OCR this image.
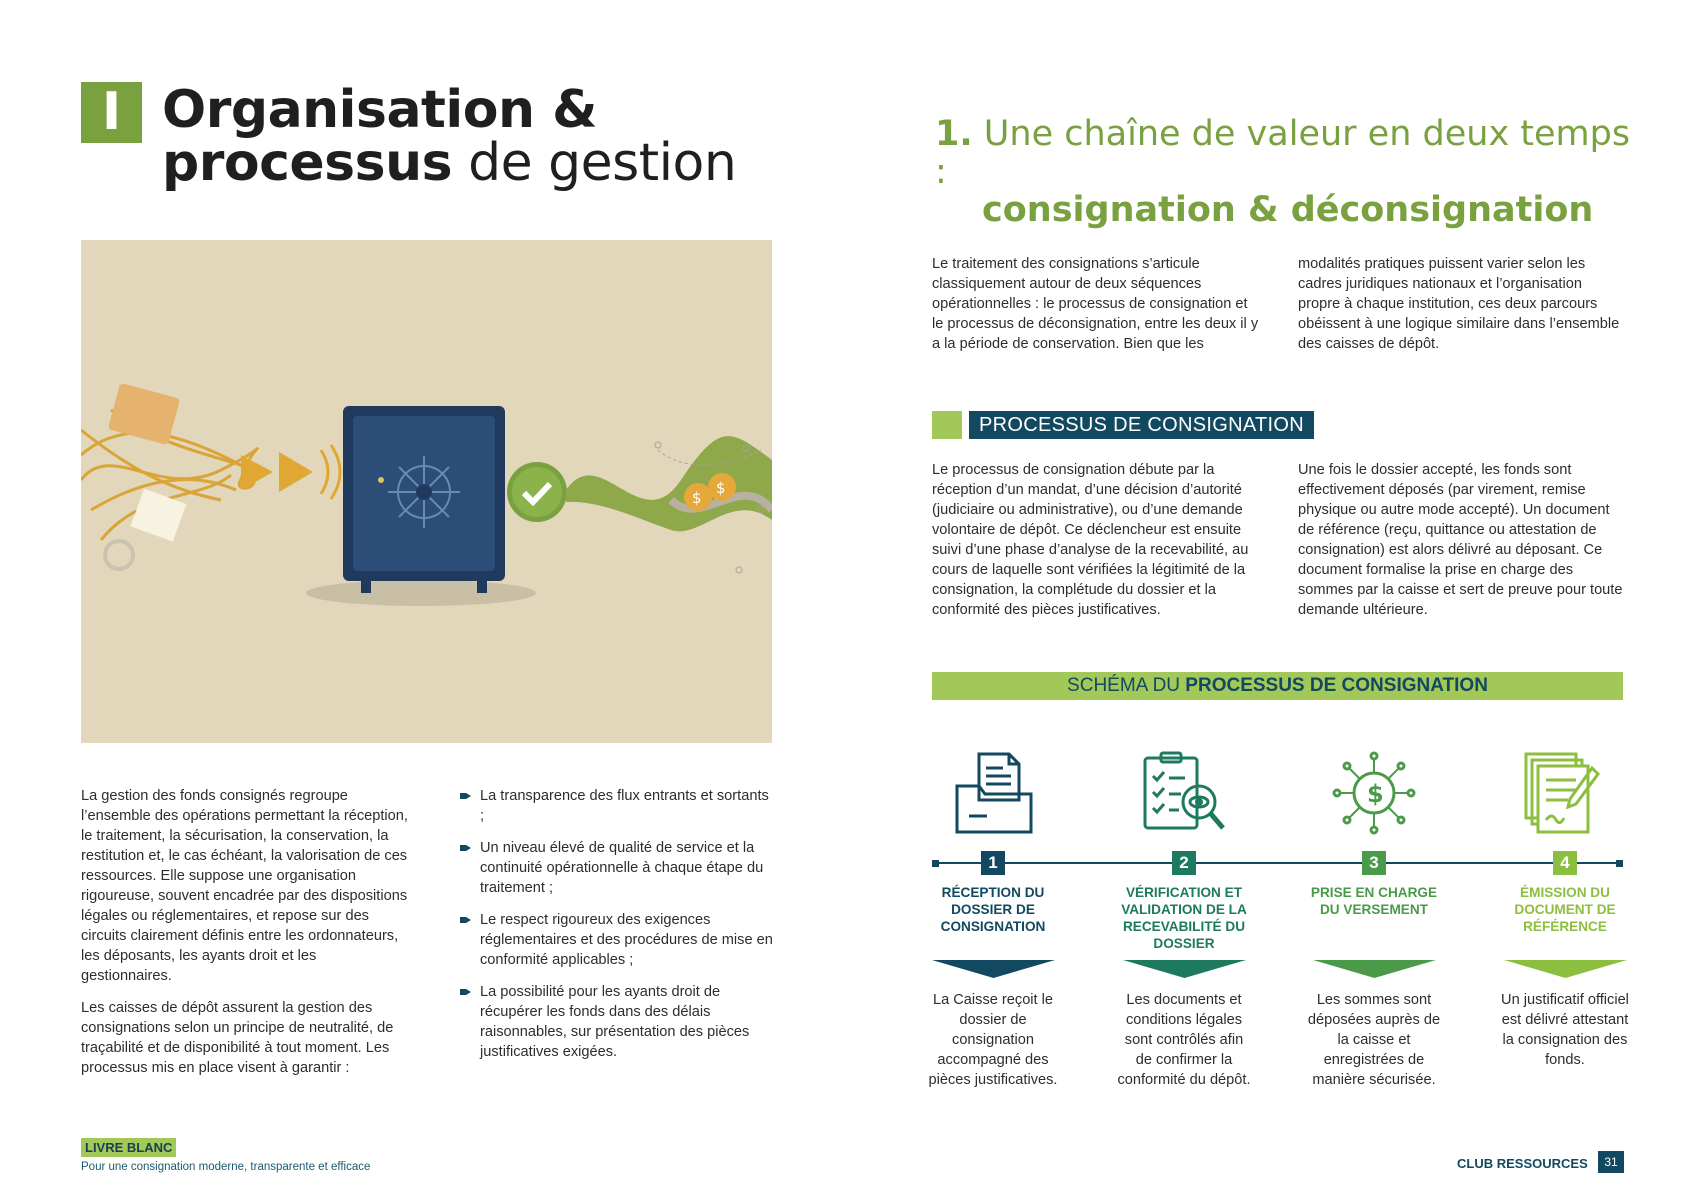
I Organisation &
processus de gestion
$
$

La gestion des fonds consignés regroupe l’ensemble des opérations permettant la réception, le traitement, la sécurisation, la conservation, la restitution et, le cas échéant, la valorisation de ces ressources. Elle suppose une organisation rigoureuse, souvent encadrée par des dispositions légales ou réglementaires, et repose sur des circuits clairement définis entre les ordonnateurs, les déposants, les ayants droit et les gestionnaires.

Les caisses de dépôt assurent la gestion des consignations selon un principe de neutralité, de traçabilité et de disponibilité à tout moment. Les processus mis en place visent à garantir :

La transparence des flux entrants et sortants ;
Un niveau élevé de qualité de service et la continuité opérationnelle à chaque étape du traitement ;
Le respect rigoureux des exigences réglementaires et des procédures de mise en conformité applicables ;
La possibilité pour les ayants droit de récupérer les fonds dans des délais raisonnables, sur présentation des pièces justificatives exigées.
LIVRE BLANC
Pour une consignation moderne, transparente et efficace
1. Une chaîne de valeur en deux temps :
consignation & déconsignation
Le traitement des consignations s’articule classiquement autour de deux séquences opérationnelles : le processus de consignation et le processus de déconsignation, entre les deux il y a la période de conservation. Bien que les
modalités pratiques puissent varier selon les cadres juridiques nationaux et l’organisation propre à chaque institution, ces deux parcours obéissent à une logique similaire dans l’ensemble des caisses de dépôt.
PROCESSUS DE CONSIGNATION
Le processus de consignation débute par la réception d’un mandat, d’une décision d’autorité (judiciaire ou administrative), ou d’une demande volontaire de dépôt. Ce déclencheur est ensuite suivi d’une phase d’analyse de la recevabilité, au cours de laquelle sont vérifiées la légitimité de la consignation, la complétude du dossier et la conformité des pièces justificatives.
Une fois le dossier accepté, les fonds sont effectivement déposés (par virement, remise physique ou autre mode accepté). Un document de référence (reçu, quittance ou attestation de consignation) est alors délivré au déposant. Ce document formalise la prise en charge des sommes par la caisse et sert de preuve pour toute demande ultérieure.
SCHÉMA DU PROCESSUS DE CONSIGNATION
$
1
RÉCEPTION DU DOSSIER DE CONSIGNATION
La Caisse reçoit le dossier de consignation accompagné des pièces justificatives.
2
VÉRIFICATION ET VALIDATION DE LA RECEVABILITÉ DU DOSSIER
Les documents et conditions légales sont contrôlés afin de confirmer la conformité du dépôt.
3
PRISE EN CHARGE DU VERSEMENT
Les sommes sont déposées auprès de la caisse et enregistrées de manière sécurisée.
4
ÉMISSION DU DOCUMENT DE RÉFÉRENCE
Un justificatif officiel est délivré attestant la consignation des fonds.
CLUB RESSOURCES	31
